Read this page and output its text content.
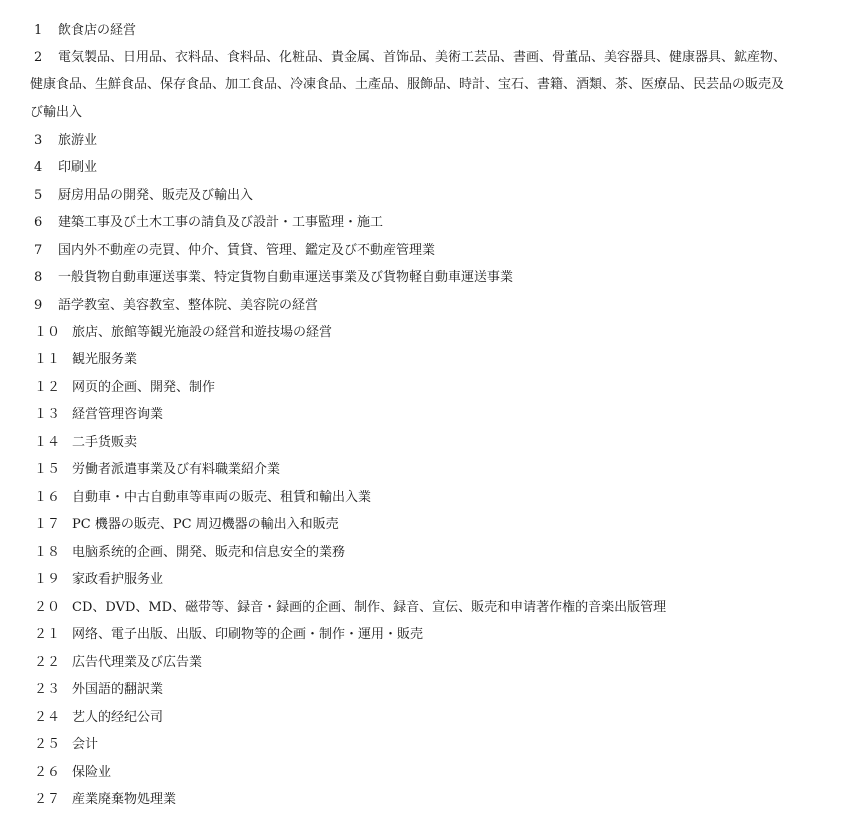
1 飲食店の経営
2 電気製品、日用品、衣料品、食料品、化粧品、貴金属、首饰品、美術工芸品、書画、骨董品、美容器具、健康器具、鉱産物、
健康食品、生鮮食品、保存食品、加工食品、冷凍食品、土產品、服飾品、時計、宝石、書籍、酒類、茶、医療品、民芸品の販売及
び輸出入
3 旅游业
4 印刷业
5 厨房用品の開発、販売及び輸出入
6 建築工事及び土木工事の請負及び設計・工事監理・施工
7 国内外不動産の売買、仲介、賃貸、管理、鑑定及び不動産管理業
8 一般貨物自動車運送事業、特定貨物自動車運送事業及び貨物軽自動車運送事業
9 語学教室、美容教室、整体院、美容院の経営
１０ 旅店、旅館等観光施設の経営和遊技場の経営
１１ 観光服务業
１２ 网页的企画、開発、制作
１３ 経営管理咨询業
１４ 二手货贩卖
１５ 労働者派遣事業及び有料職業紹介業
１６ 自動車・中古自動車等車両の販売、租賃和輸出入業
１７ PC 機器の販売、PC 周辺機器の輸出入和販売
１８ 电脑系统的企画、開発、販売和信息安全的業務
１９ 家政看护服务业
２０ CD、DVD、MD、磁带等、録音・録画的企画、制作、録音、宣伝、販売和申请著作権的音楽出版管理
２１ 网络、電子出版、出版、印刷物等的企画・制作・運用・販売
２２ 広告代理業及び広告業
２３ 外国語的翻訳業
２４ 艺人的经纪公司
２５ 会计
２６ 保险业
２７ 産業廃棄物処理業
